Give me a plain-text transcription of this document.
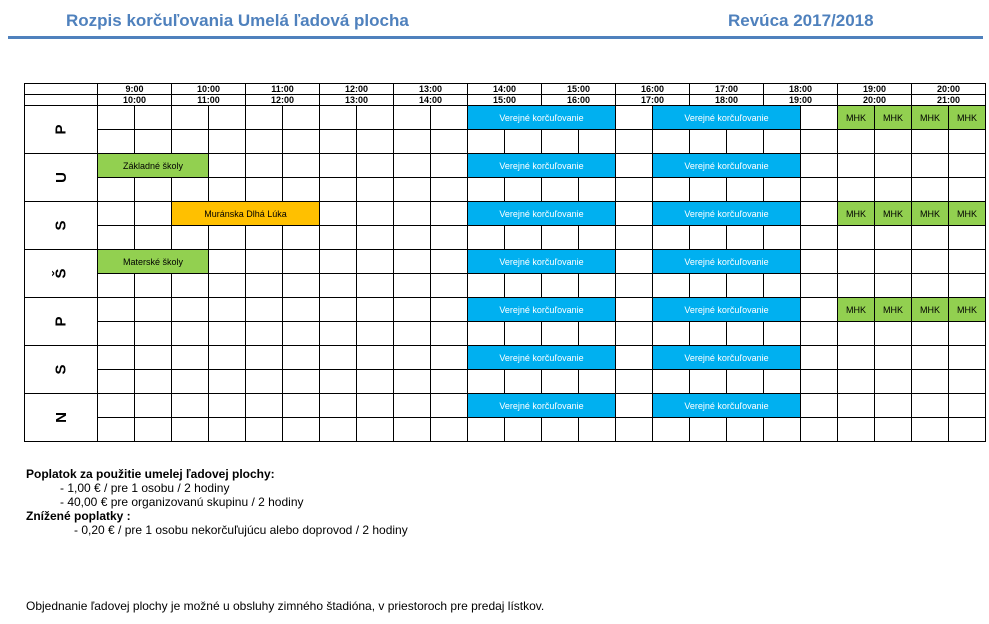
Rozpis korčuľovania Umelá ľadová plocha	Revúca 2017/2018
	9:00		10:00		11:00		12:00		13:00		14:00		15:00		16:00		17:00		18:00		19:00		20:00	
	10:00		11:00		12:00		13:00		14:00		15:00		16:00		17:00		18:00		19:00		20:00		21:00	
P											Verejné korčuľovanie					Verejné korčuľovanie					MHK	MHK	MHK	MHK

U	Základné školy										Verejné korčuľovanie					Verejné korčuľovanie								

S			Muránska Dlhá Lúka								Verejné korčuľovanie					Verejné korčuľovanie					MHK	MHK	MHK	MHK

Š	Materské školy										Verejné korčuľovanie					Verejné korčuľovanie								

P											Verejné korčuľovanie					Verejné korčuľovanie					MHK	MHK	MHK	MHK

S											Verejné korčuľovanie					Verejné korčuľovanie								

N											Verejné korčuľovanie					Verejné korčuľovanie								

Poplatok za použitie umelej ľadovej plochy:
- 1,00 € / pre 1 osobu / 2 hodiny
- 40,00 € pre organizovanú skupinu / 2 hodiny
Znížené poplatky :
- 0,20 € / pre 1 osobu nekorčuľujúcu alebo doprovod / 2 hodiny
Objednanie ľadovej plochy je možné u obsluhy zimného štadióna, v priestoroch pre predaj lístkov.
